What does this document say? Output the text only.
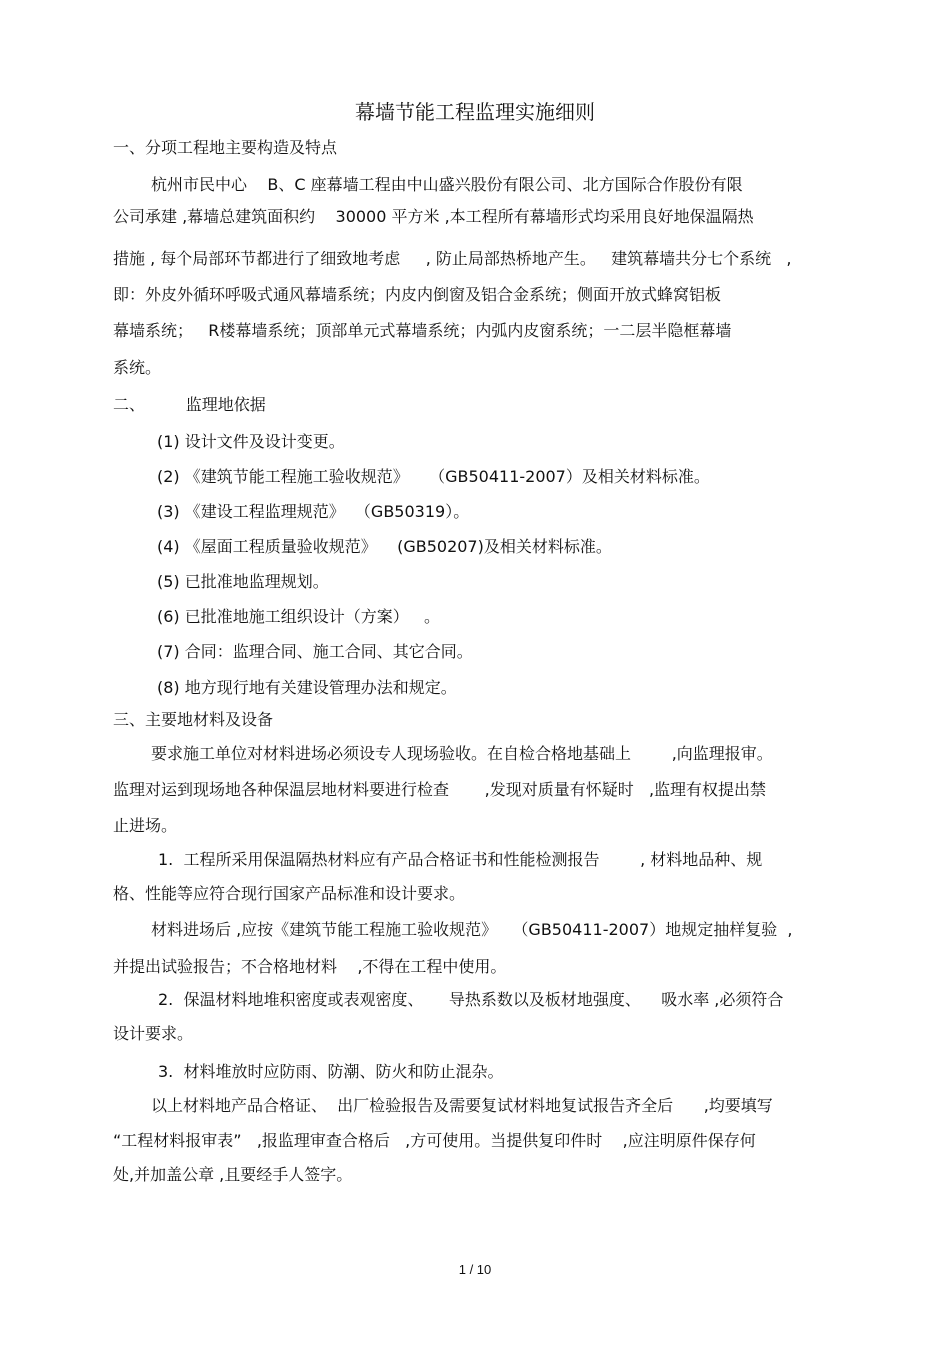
幕墙节能工程监理实施细则
一、分项工程地主要构造及特点
杭州市民中心    B、C 座幕墙工程由中山盛兴股份有限公司、北方国际合作股份有限
公司承建 ,幕墙总建筑面积约    30000 平方米 ,本工程所有幕墙形式均采用良好地保温隔热
措施 , 每个局部环节都进行了细致地考虑     , 防止局部热桥地产生。   建筑幕墙共分七个系统   ,
即：外皮外循环呼吸式通风幕墙系统；内皮内倒窗及铝合金系统；侧面开放式蜂窝铝板
幕墙系统；   R楼幕墙系统；顶部单元式幕墙系统；内弧内皮窗系统；一二层半隐框幕墙
系统。
二、        监理地依据
(1) 设计文件及设计变更。
(2) 《建筑节能工程施工验收规范》    （GB50411-2007）及相关材料标准。
(3) 《建设工程监理规范》  （GB50319）。
(4) 《屋面工程质量验收规范》    (GB50207)及相关材料标准。
(5) 已批准地监理规划。
(6) 已批准地施工组织设计（方案）   。
(7) 合同：监理合同、施工合同、其它合同。
(8) 地方现行地有关建设管理办法和规定。
三、主要地材料及设备
要求施工单位对材料进场必须设专人现场验收。在自检合格地基础上        ,向监理报审。
监理对运到现场地各种保温层地材料要进行检查       ,发现对质量有怀疑时   ,监理有权提出禁
止进场。
1.  工程所采用保温隔热材料应有产品合格证书和性能检测报告        , 材料地品种、规
格、性能等应符合现行国家产品标准和设计要求。
材料进场后 ,应按《建筑节能工程施工验收规范》   （GB50411-2007）地规定抽样复验  ,
并提出试验报告；不合格地材料    ,不得在工程中使用。
2.  保温材料地堆积密度或表观密度、     导热系数以及板材地强度、    吸水率 ,必须符合
设计要求。
3.  材料堆放时应防雨、防潮、防火和防止混杂。
以上材料地产品合格证、  出厂检验报告及需要复试材料地复试报告齐全后      ,均要填写
“工程材料报审表”   ,报监理审查合格后   ,方可使用。当提供复印件时    ,应注明原件保存何
处,并加盖公章 ,且要经手人签字。
1 / 10
